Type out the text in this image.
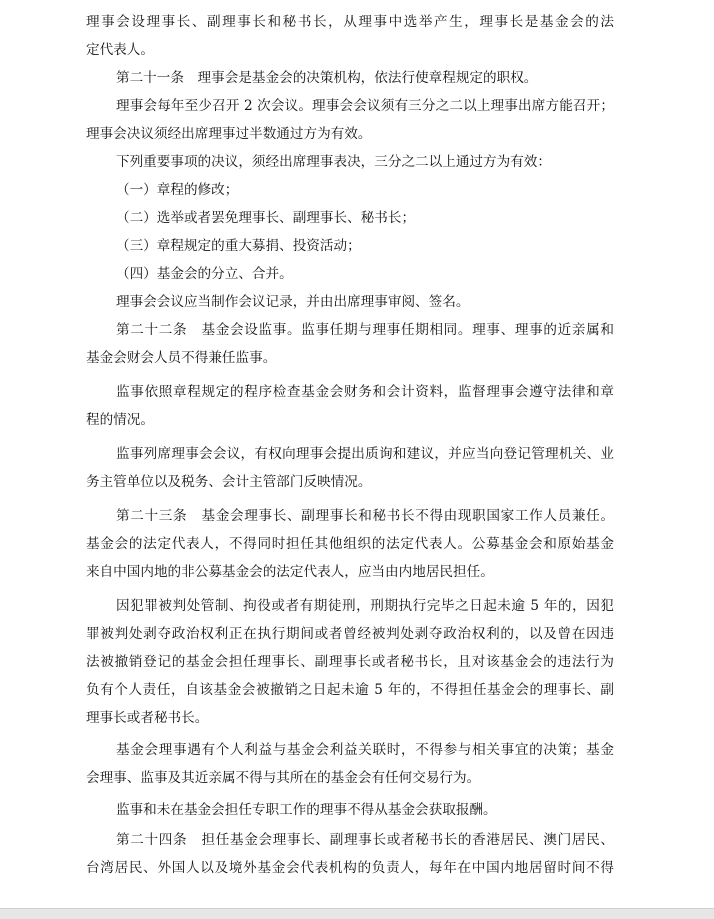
理事会设理事长、副理事长和秘书长，从理事中选举产生，理事长是基金会的法
定代表人。
第二十一条　理事会是基金会的决策机构，依法行使章程规定的职权。
理事会每年至少召开 2 次会议。理事会会议须有三分之二以上理事出席方能召开；
理事会决议须经出席理事过半数通过方为有效。
下列重要事项的决议，须经出席理事表决，三分之二以上通过方为有效：
（一）章程的修改；
（二）选举或者罢免理事长、副理事长、秘书长；
（三）章程规定的重大募捐、投资活动；
（四）基金会的分立、合并。
理事会会议应当制作会议记录，并由出席理事审阅、签名。
第二十二条　基金会设监事。监事任期与理事任期相同。理事、理事的近亲属和
基金会财会人员不得兼任监事。
监事依照章程规定的程序检查基金会财务和会计资料，监督理事会遵守法律和章
程的情况。
监事列席理事会会议，有权向理事会提出质询和建议，并应当向登记管理机关、业
务主管单位以及税务、会计主管部门反映情况。
第二十三条　基金会理事长、副理事长和秘书长不得由现职国家工作人员兼任。
基金会的法定代表人，不得同时担任其他组织的法定代表人。公募基金会和原始基金
来自中国内地的非公募基金会的法定代表人，应当由内地居民担任。
因犯罪被判处管制、拘役或者有期徒刑，刑期执行完毕之日起未逾 5 年的，因犯
罪被判处剥夺政治权利正在执行期间或者曾经被判处剥夺政治权利的，以及曾在因违
法被撤销登记的基金会担任理事长、副理事长或者秘书长，且对该基金会的违法行为
负有个人责任，自该基金会被撤销之日起未逾 5 年的，不得担任基金会的理事长、副
理事长或者秘书长。
基金会理事遇有个人利益与基金会利益关联时，不得参与相关事宜的决策；基金
会理事、监事及其近亲属不得与其所在的基金会有任何交易行为。
监事和未在基金会担任专职工作的理事不得从基金会获取报酬。
第二十四条　担任基金会理事长、副理事长或者秘书长的香港居民、澳门居民、
台湾居民、外国人以及境外基金会代表机构的负责人，每年在中国内地居留时间不得
